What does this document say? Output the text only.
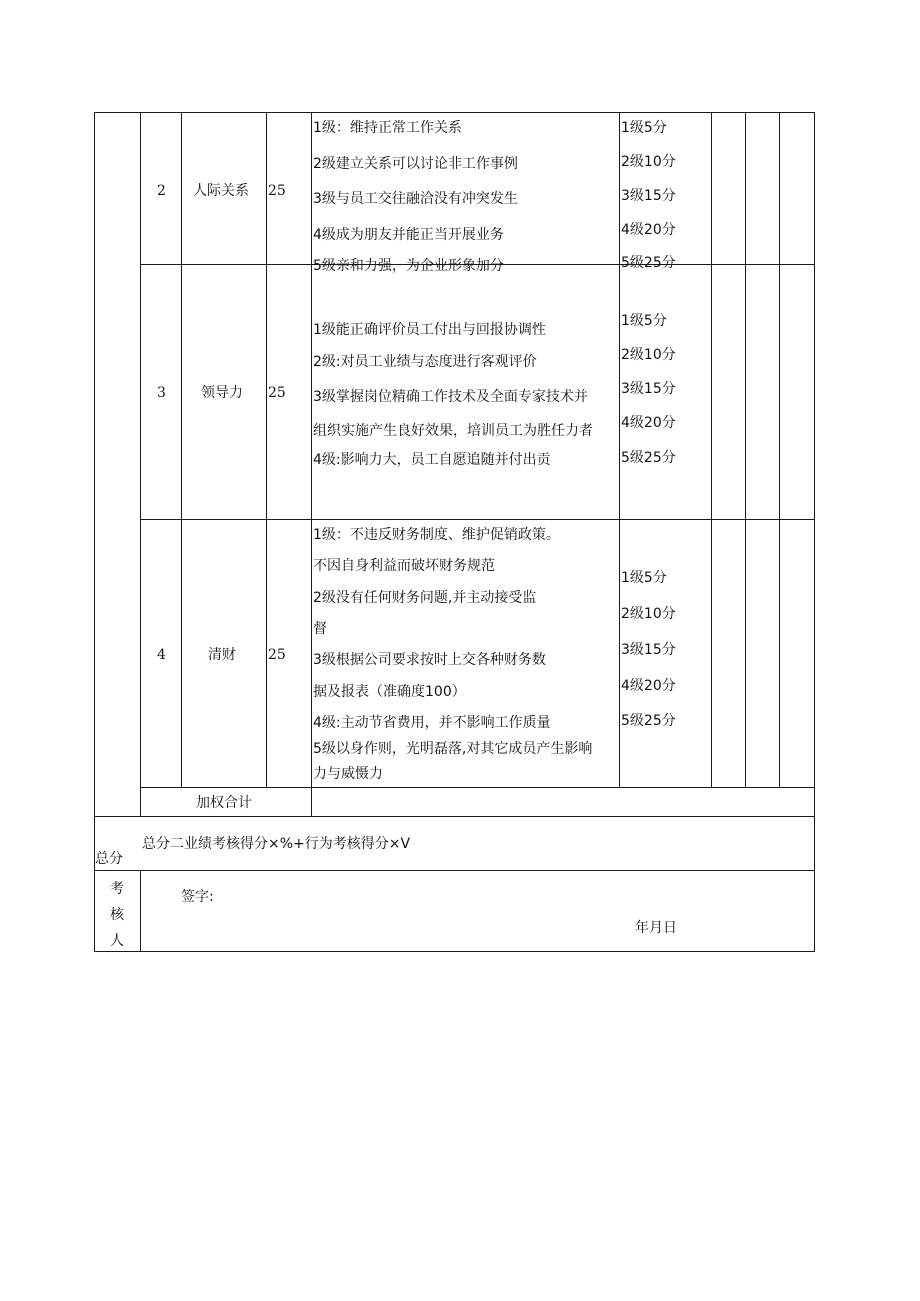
2 人际关系 25
1级：维持正常工作关系
2级建立关系可以讨论非工作事例
3级与员工交往融洽没有冲突发生
4级成为朋友并能正当开展业务
5级亲和力强，为企业形象加分
1级5分
2级10分
3级15分
4级20分
5级25分
3	领导力 25
1级能正确评价员工付出与回报协调性
2级:对员工业绩与态度进行客观评价
3级掌握岗位精确工作技术及全面专家技术并
组织实施产生良好效果，培训员工为胜任力者
4级:影响力大，员工自愿追随并付出贡
1级5分
2级10分
3级15分
4级20分
5级25分
4	清财 25
1级：不违反财务制度、维护促销政策。
不因自身利益而破坏财务规范
2级没有任何财务问题,并主动接受监
督
3级根据公司要求按时上交各种财务数
据及报表（准确度100）
4级:主动节省费用，并不影响工作质量
5级以身作则，光明磊落,对其它成员产生影响
力与威慑力
1级5分
2级10分
3级15分
4级20分
5级25分
加权合计
总分
总分二业绩考核得分×%+行为考核得分×V
考
核
人
签字:
年月日
